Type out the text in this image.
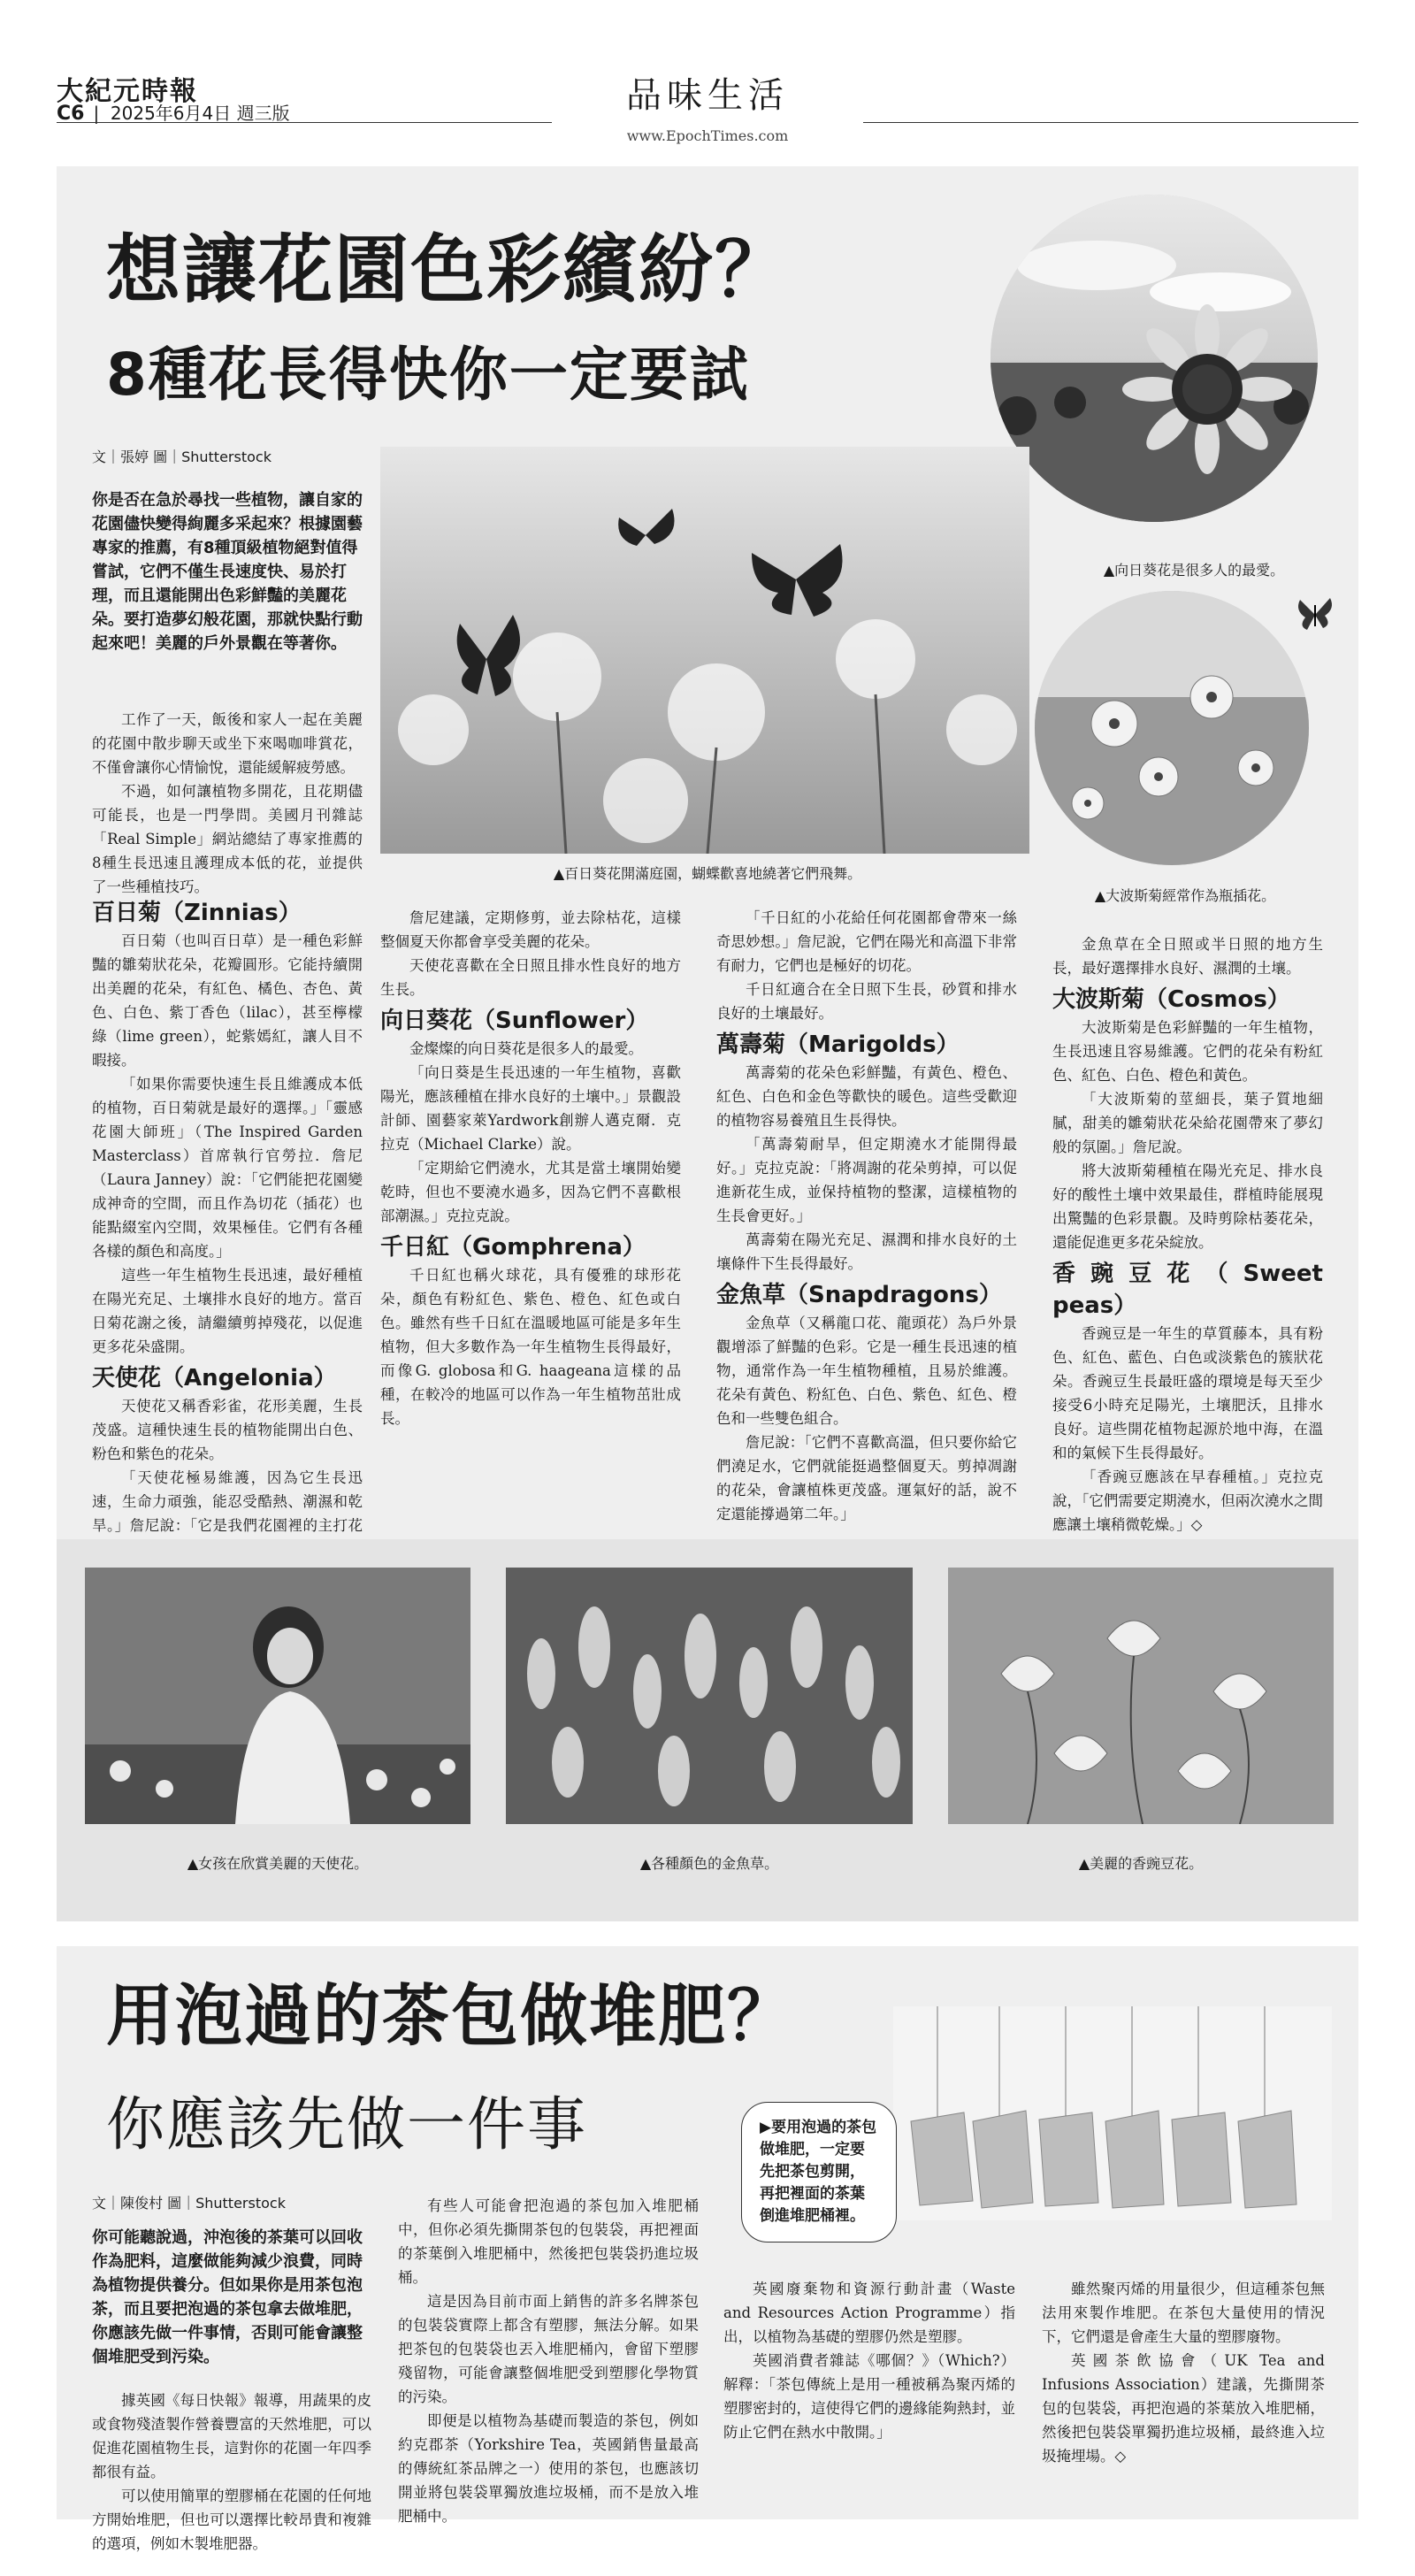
大紀元時報
C6 |  2025年6月4日 週三版	品味生活
www.EpochTimes.com
想讓花園色彩繽紛？
8種花長得快你一定要試
▲向日葵花是很多人的最愛。
▲大波斯菊經常作為瓶插花。
文｜張婷 圖｜Shutterstock
你是否在急於尋找一些植物，讓自家的花園儘快變得絢麗多采起來？根據園藝專家的推薦，有8種頂級植物絕對值得嘗試，它們不僅生長速度快、易於打理，而且還能開出色彩鮮豔的美麗花朵。要打造夢幻般花園，那就快點行動起來吧！美麗的戶外景觀在等著你。

工作了一天，飯後和家人一起在美麗的花園中散步聊天或坐下來喝咖啡賞花，不僅會讓你心情愉悅，還能緩解疲勞感。

不過，如何讓植物多開花，且花期儘可能長，也是一門學問。美國月刊雜誌「Real Simple」網站總結了專家推薦的8種生長迅速且護理成本低的花，並提供了一些種植技巧。

▲百日葵花開滿庭園，蝴蝶歡喜地繞著它們飛舞。
百日菊（Zinnias）

百日菊（也叫百日草）是一種色彩鮮豔的雛菊狀花朵，花瓣圓形。它能持續開出美麗的花朵，有紅色、橘色、杏色、黃色、白色、紫丁香色（lilac），甚至檸檬綠（lime green），蛇紫嫣紅，讓人目不暇接。

「如果你需要快速生長且維護成本低的植物，百日菊就是最好的選擇。」「靈感花園大師班」（The Inspired Garden Masterclass）首席執行官勞拉．詹尼（Laura Janney）說：「它們能把花園變成神奇的空間，而且作為切花（插花）也能點綴室內空間，效果極佳。它們有各種各樣的顏色和高度。」

這些一年生植物生長迅速，最好種植在陽光充足、土壤排水良好的地方。當百日菊花謝之後，請繼續剪掉殘花，以促進更多花朵盛開。

天使花（Angelonia）

天使花又稱香彩雀，花形美麗，生長茂盛。這種快速生長的植物能開出白色、粉色和紫色的花朵。

「天使花極易維護，因為它生長迅速，生命力頑強，能忍受酷熱、潮濕和乾旱。」詹尼說：「它是我們花園裡的主打花

詹尼建議，定期修剪，並去除枯花，這樣整個夏天你都會享受美麗的花朵。

天使花喜歡在全日照且排水性良好的地方生長。

向日葵花（Sunflower）

金燦燦的向日葵花是很多人的最愛。

「向日葵是生長迅速的一年生植物，喜歡陽光，應該種植在排水良好的土壤中。」景觀設計師、園藝家萊Yardwork創辦人邁克爾．克拉克（Michael Clarke）說。

「定期給它們澆水，尤其是當土壤開始變乾時，但也不要澆水過多，因為它們不喜歡根部潮濕。」克拉克說。

千日紅（Gomphrena）

千日紅也稱火球花，具有優雅的球形花朵，顏色有粉紅色、紫色、橙色、紅色或白色。雖然有些千日紅在溫暖地區可能是多年生植物，但大多數作為一年生植物生長得最好，而像G. globosa和G. haageana這樣的品種，在較冷的地區可以作為一年生植物茁壯成長。

「千日紅的小花給任何花園都會帶來一絲奇思妙想。」詹尼說，它們在陽光和高溫下非常有耐力，它們也是極好的切花。

千日紅適合在全日照下生長，砂質和排水良好的土壤最好。

萬壽菊（Marigolds）

萬壽菊的花朵色彩鮮豔，有黃色、橙色、紅色、白色和金色等歡快的暖色。這些受歡迎的植物容易養殖且生長得快。

「萬壽菊耐旱，但定期澆水才能開得最好。」克拉克說：「將凋謝的花朵剪掉，可以促進新花生成，並保持植物的整潔，這樣植物的生長會更好。」

萬壽菊在陽光充足、濕潤和排水良好的土壤條件下生長得最好。

金魚草（Snapdragons）

金魚草（又稱龍口花、龍頭花）為戶外景觀增添了鮮豔的色彩。它是一種生長迅速的植物，通常作為一年生植物種植，且易於維護。花朵有黃色、粉紅色、白色、紫色、紅色、橙色和一些雙色組合。

詹尼說：「它們不喜歡高溫，但只要你給它們澆足水，它們就能挺過整個夏天。剪掉凋謝的花朵，會讓植株更茂盛。運氣好的話，說不定還能撐過第二年。」

金魚草在全日照或半日照的地方生長，最好選擇排水良好、濕潤的土壤。

大波斯菊（Cosmos）

大波斯菊是色彩鮮豔的一年生植物，生長迅速且容易維護。它們的花朵有粉紅色、紅色、白色、橙色和黃色。

「大波斯菊的莖細長，葉子質地細膩，甜美的雛菊狀花朵給花園帶來了夢幻般的氛圍。」詹尼說。

將大波斯菊種植在陽光充足、排水良好的酸性土壤中效果最佳，群植時能展現出驚豔的色彩景觀。及時剪除枯萎花朵，還能促進更多花朵綻放。

香豌豆花（Sweet peas）

香豌豆是一年生的草質藤本，具有粉色、紅色、藍色、白色或淡紫色的簇狀花朵。香豌豆生長最旺盛的環境是每天至少接受6小時充足陽光，土壤肥沃，且排水良好。這些開花植物起源於地中海，在溫和的氣候下生長得最好。

「香豌豆應該在早春種植。」克拉克說，「它們需要定期澆水，但兩次澆水之間應讓土壤稍微乾燥。」◇

▲女孩在欣賞美麗的天使花。	▲各種顏色的金魚草。	▲美麗的香豌豆花。
用泡過的茶包做堆肥？
你應該先做一件事	▶要用泡過的茶包做堆肥，一定要先把茶包剪開，再把裡面的茶葉倒進堆肥桶裡。
文｜陳俊村 圖｜Shutterstock
你可能聽說過，沖泡後的茶葉可以回收作為肥料，這麼做能夠減少浪費，同時為植物提供養分。但如果你是用茶包泡茶，而且要把泡過的茶包拿去做堆肥，你應該先做一件事情，否則可能會讓整個堆肥受到污染。

據英國《每日快報》報導，用蔬果的皮或食物殘渣製作營養豐富的天然堆肥，可以促進花園植物生長，這對你的花園一年四季都很有益。

可以使用簡單的塑膠桶在花園的任何地方開始堆肥，但也可以選擇比較昂貴和複雜的選項，例如木製堆肥器。

有些人可能會把泡過的茶包加入堆肥桶中，但你必須先撕開茶包的包裝袋，再把裡面的茶葉倒入堆肥桶中，然後把包裝袋扔進垃圾桶。

這是因為目前市面上銷售的許多名牌茶包的包裝袋實際上都含有塑膠，無法分解。如果把茶包的包裝袋也丟入堆肥桶內，會留下塑膠殘留物，可能會讓整個堆肥受到塑膠化學物質的污染。

即便是以植物為基礎而製造的茶包，例如約克郡茶（Yorkshire Tea，英國銷售量最高的傳統紅茶品牌之一）使用的茶包，也應該切開並將包裝袋單獨放進垃圾桶，而不是放入堆肥桶中。

英國廢棄物和資源行動計畫（Waste and Resources Action Programme）指出，以植物為基礎的塑膠仍然是塑膠。

英國消費者雜誌《哪個？》（Which?）解釋：「茶包傳統上是用一種被稱為聚丙烯的塑膠密封的，這使得它們的邊緣能夠熱封，並防止它們在熱水中散開。」

雖然聚丙烯的用量很少，但這種茶包無法用來製作堆肥。在茶包大量使用的情況下，它們還是會產生大量的塑膠廢物。

英國茶飲協會（UK Tea and Infusions Association）建議，先撕開茶包的包裝袋，再把泡過的茶葉放入堆肥桶，然後把包裝袋單獨扔進垃圾桶，最終進入垃圾掩埋場。◇
